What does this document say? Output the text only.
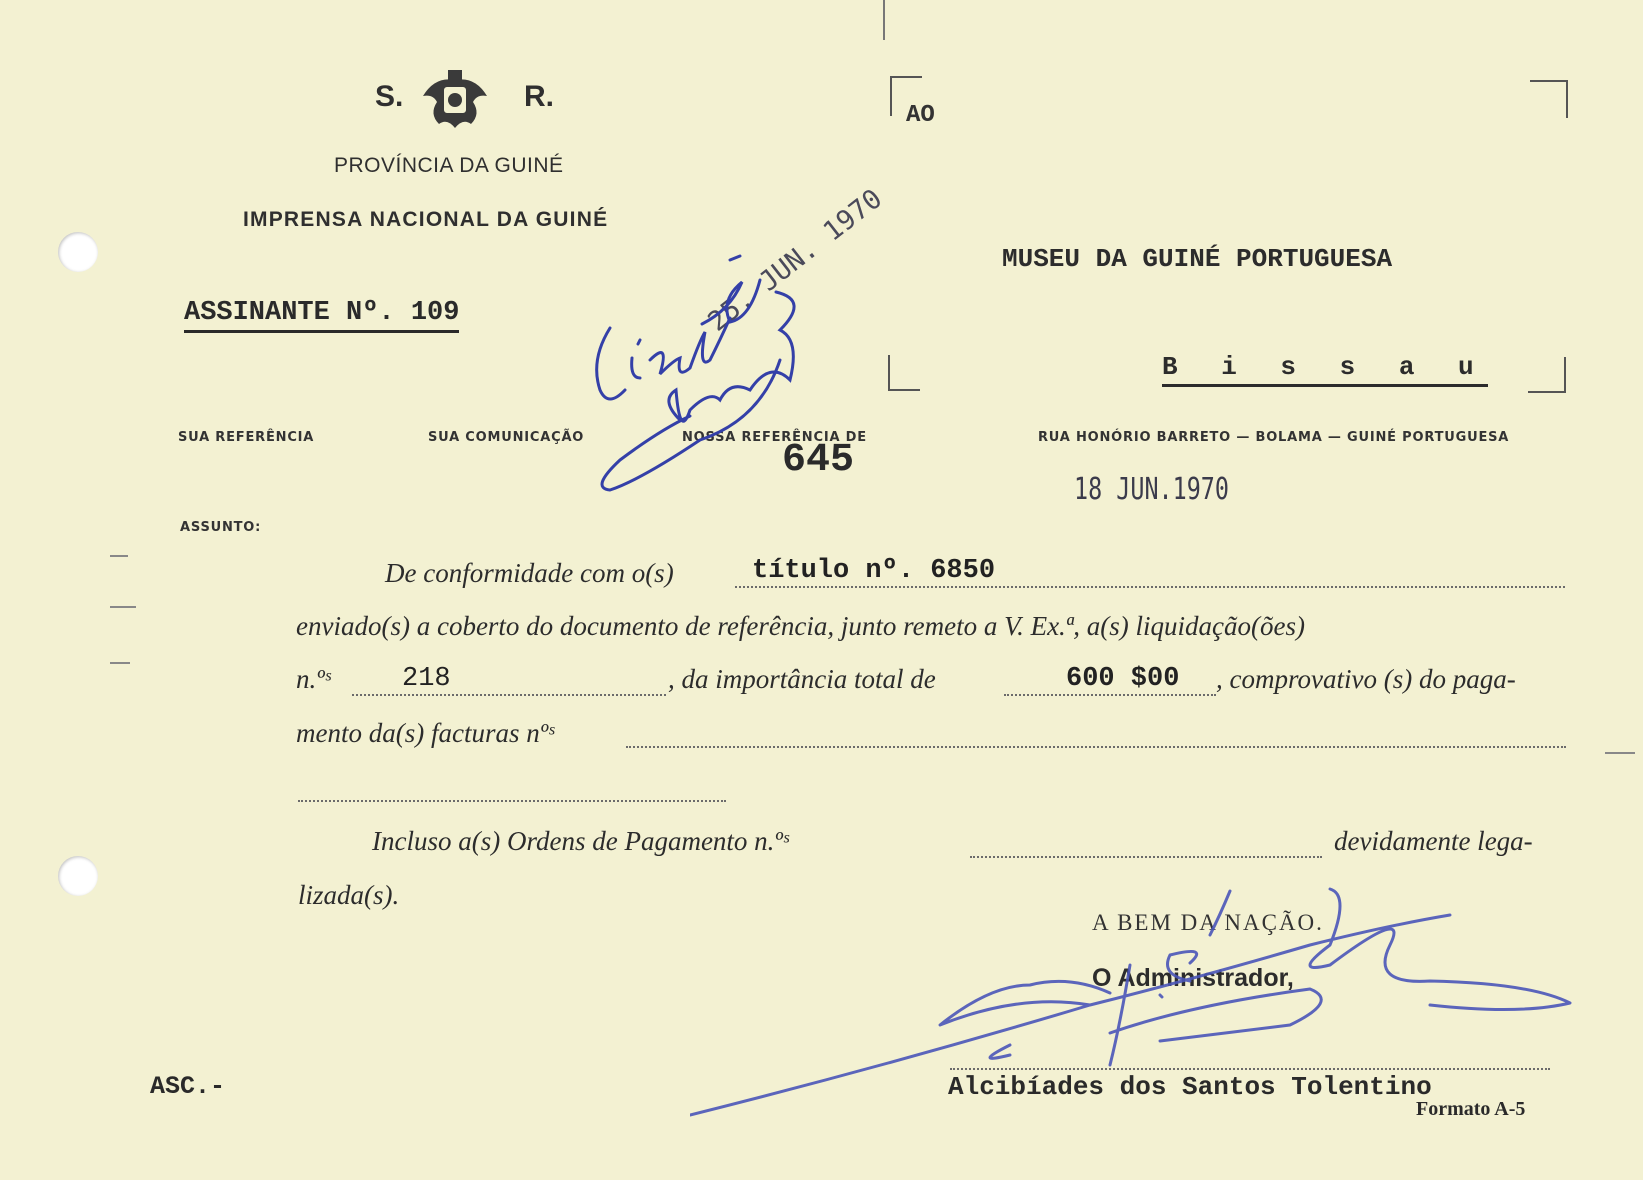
S.	R.
PROVÍNCIA DA GUINÉ
IMPRENSA NACIONAL DA GUINÉ
ASSINANTE Nº. 109
AO
MUSEU DA GUINÉ PORTUGUESA
B i s s a u
SUA REFERÊNCIA	SUA COMUNICAÇÃO	NOSSA REFERÊNCIA DE
645
RUA HONÓRIO BARRETO — BOLAMA — GUINÉ PORTUGUESA
18 JUN.1970
ASSUNTO:
De conformidade com o(s)	título nº. 6850
enviado(s) a coberto do documento de referência, junto remeto a V. Ex.ª, a(s) liquidação(ões)
n.ºˢ	218	, da importância total de	600 $00 , comprovativo (s) do paga-
mento da(s) facturas nºˢ
Incluso a(s) Ordens de Pagamento n.ºˢ	devidamente lega-
lizada(s).
A BEM DA NAÇÃO.
O Administrador,
Alcibíades dos Santos Tolentino
ASC.-
Formato A-5
25. JUN. 1970
